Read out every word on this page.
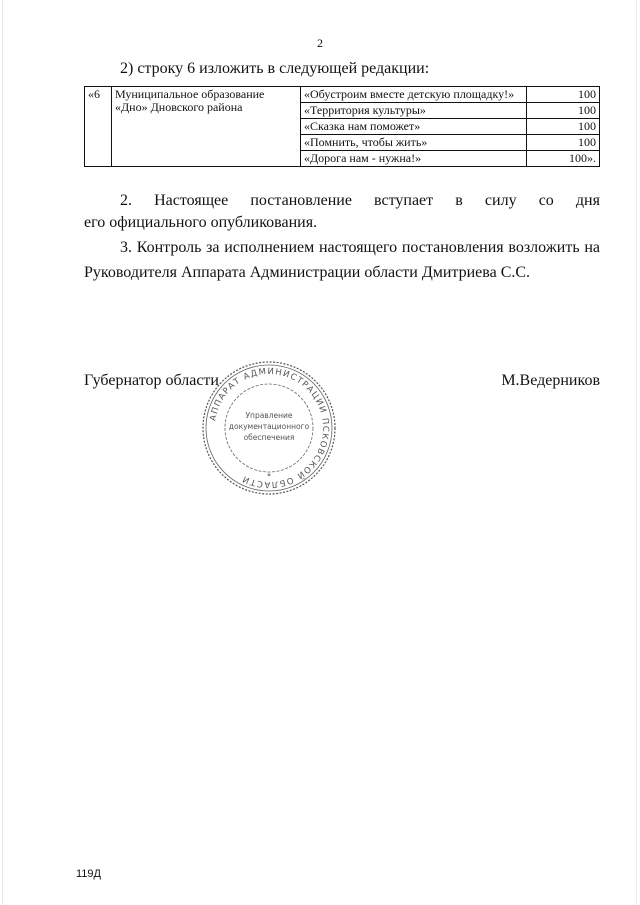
2
2) строку 6 изложить в следующей редакции:
«6	Муниципальное образование «Дно» Дновского района	«Обустроим вместе детскую площадку!»	100
		«Территория культуры»	100
		«Сказка нам поможет»	100
		«Помнить, чтобы жить»	100
		«Дорога нам - нужна!»	100».
2. Настоящее постановление вступает в силу со дня
его официального опубликования.
3. Контроль за исполнением настоящего постановления возложить на Руководителя Аппарата Администрации области Дмитриева С.С.
Губернатор области	М.Ведерников
АППАРАТ АДМИНИСТРАЦИИ ПСКОВСКОЙ ОБЛАСТИ
Управление
документационного
обеспечения
*
119Д
